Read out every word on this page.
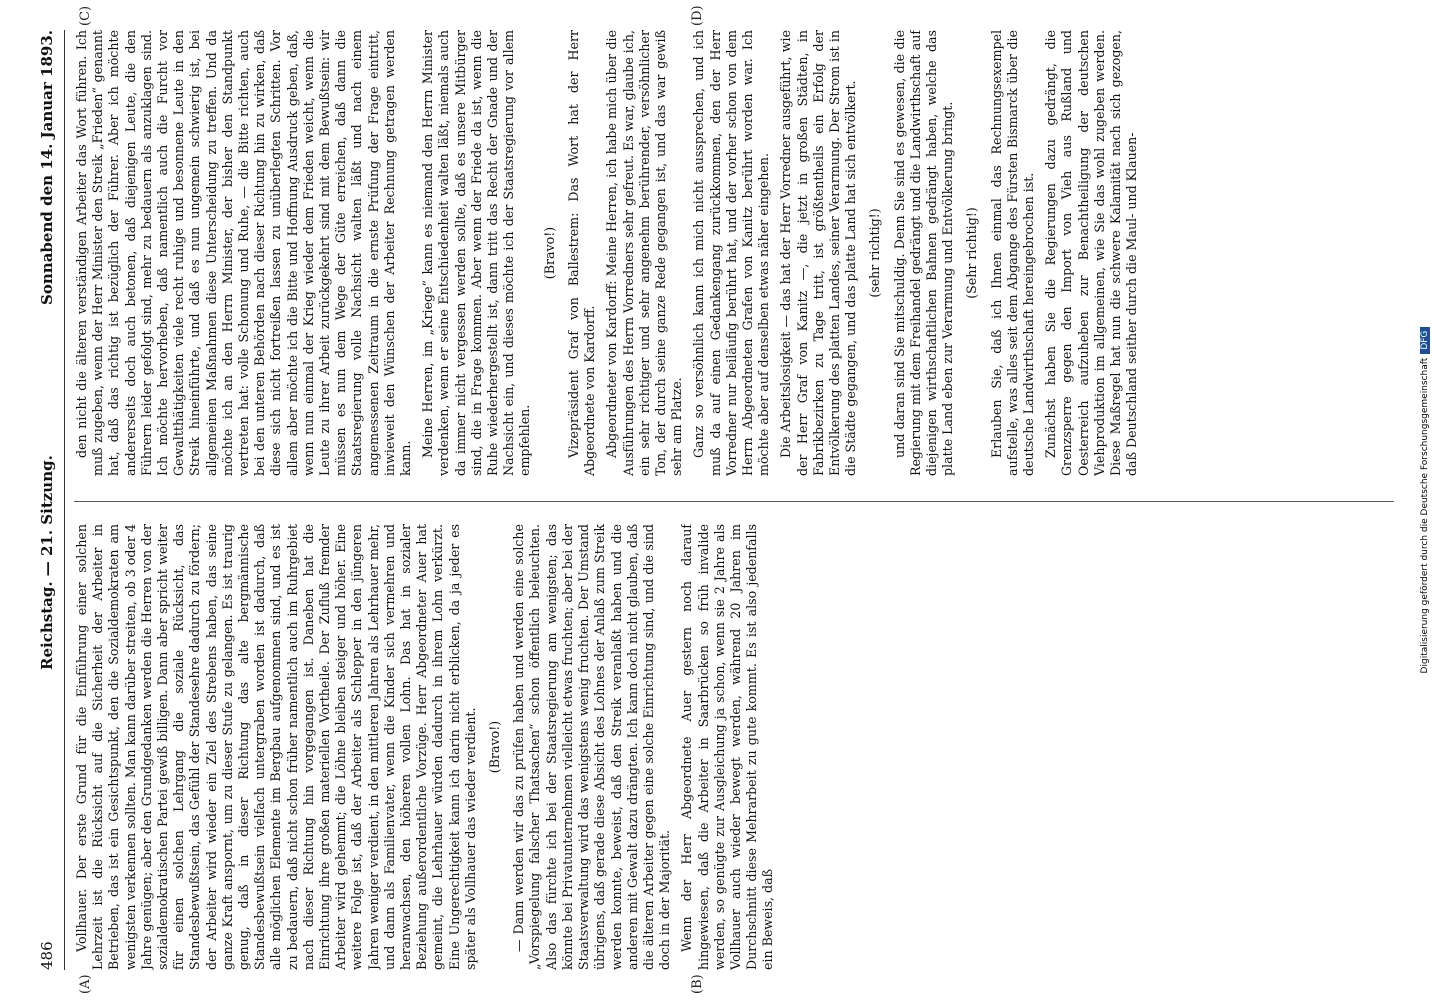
486
Reichstag. — 21. Sitzung.
Sonnabend den 14. Januar 1893.
(A)	(B)
(C)	(D)

Vollhauer. Der erste Grund für die Einführung einer solchen Lehrzeit ist die Rücksicht auf die Sicherheit der Arbeiter in Betrieben, das ist ein Gesichtspunkt, den die Sozialdemokraten am wenigsten verkennen sollten. Man kann darüber streiten, ob 3 oder 4 Jahre genügen; aber den Grundgedanken werden die Herren von der sozialdemokratischen Partei gewiß billigen. Dann aber spricht weiter für einen solchen Lehrgang die soziale Rücksicht, das Standesbewußtsein, das Gefühl der Standesehre dadurch zu fördern; der Arbeiter wird wieder ein Ziel des Strebens haben, das seine ganze Kraft anspornt, um zu dieser Stufe zu gelangen. Es ist traurig genug, daß in dieser Richtung das alte bergmännische Standesbewußtsein vielfach untergraben worden ist dadurch, daß alle möglichen Elemente im Bergbau aufgenommen sind, und es ist zu bedauern, daß nicht schon früher namentlich auch im Ruhrgebiet nach dieser Richtung hin vorgegangen ist. Daneben hat die Einrichtung ihre großen materiellen Vortheile. Der Zufluß fremder Arbeiter wird gehemmt; die Löhne bleiben steiger und höher. Eine weitere Folge ist, daß der Arbeiter als Schlepper in den jüngeren Jahren weniger verdient, in den mittleren Jahren als Lehrhauer mehr, und dann als Familienvater, wenn die Kinder sich vermehren und heranwachsen, den höheren vollen Lohn. Das hat in sozialer Beziehung außerordentliche Vorzüge. Herr Abgeordneter Auer hat gemeint, die Lehrhauer würden dadurch in ihrem Lohn verkürzt. Eine Ungerechtigkeit kann ich darin nicht erblicken, da ja jeder es später als Vollhauer das wieder verdient. (Bravo!) — Dann werden wir das zu prüfen haben und werden eine solche „Vorspiegelung falscher Thatsachen“ schon öffentlich beleuchten. Also das fürchte ich bei der Staatsregierung am wenigsten; das könnte bei Privatunternehmen vielleicht etwas fruchten; aber bei der Staatsverwaltung wird das wenigstens wenig fruchten. Der Umstand übrigens, daß gerade diese Absicht des Lohnes der Anlaß zum Streik werden konnte, beweist, daß den Streik veranlaßt haben und die anderen mit Gewalt dazu drängten. Ich kann doch nicht glauben, daß die älteren Arbeiter gegen eine solche Einrichtung sind, und die sind doch in der Majorität. Wenn der Herr Abgeordnete Auer gestern noch darauf hingewiesen, daß die Arbeiter in Saarbrücken so früh invalide werden, so genügte zur Ausgleichung ja schon, wenn sie 2 Jahre als Vollhauer auch wieder bewegt werden, während 20 Jahren im Durchschnitt diese Mehrarbeit zu gute kommt. Es ist also jedenfalls ein Beweis, daß

den nicht die älteren verständigen Arbeiter das Wort führen. Ich muß zugeben, wenn der Herr Minister den Streik „Frieden“ genannt hat, daß das richtig ist bezüglich der Führer. Aber ich möchte andererseits doch auch betonen, daß diejenigen Leute, die den Führern leider gefolgt sind, mehr zu bedauern als anzuklagen sind. Ich möchte hervorheben, daß namentlich auch die Furcht vor Gewaltthätigkeiten viele recht ruhige und besonnene Leute in den Streik hineinführte, und daß es nun ungemein schwierig ist, bei allgemeinen Maßnahmen diese Unterscheidung zu treffen. Und da möchte ich an den Herrn Minister, der bisher den Standpunkt vertreten hat: volle Schonung und Ruhe, — die Bitte richten, auch bei den unteren Behörden nach dieser Richtung hin zu wirken, daß diese sich nicht fortreißen lassen zu unüberlegten Schritten. Vor allem aber möchte ich die Bitte und Hoffnung Ausdruck geben, daß, wenn nun einmal der Krieg wieder dem Frieden weicht, wenn die Leute zu ihrer Arbeit zurückgekehrt sind mit dem Bewußtsein: wir müssen es nun dem Wege der Güte erreichen, daß dann die Staatsregierung volle Nachsicht walten läßt und nach einem angemessenen Zeitraum in die ernste Prüfung der Frage eintritt, inwieweit den Wünschen der Arbeiter Rechnung getragen werden kann.

Meine Herren, im „Kriege“ kann es niemand den Herrn Minister verdenken, wenn er seine Entschiedenheit walten läßt, niemals auch da immer nicht vergessen werden sollte, daß es unsere Mitbürger sind, die in Frage kommen. Aber wenn der Friede da ist, wenn die Ruhe wiederhergestellt ist, dann tritt das Recht der Gnade und der Nachsicht ein, und dieses möchte ich der Staatsregierung vor allem empfehlen.

(Bravo!) Vizepräsident Graf von Ballestrem: Das Wort hat der Herr Abgeordnete von Kardorff. Abgeordneter von Kardorff: Meine Herren, ich habe mich über die Ausführungen des Herrn Vorredners sehr gefreut. Es war, glaube ich, ein sehr richtiger und sehr angenehm berührender, versöhnlicher Ton, der durch seine ganze Rede gegangen ist, und das war gewiß sehr am Platze. Ganz so versöhnlich kann ich mich nicht aussprechen, und ich muß da auf einen Gedankengang zurückkommen, den der Herr Vorredner nur beiläufig berührt hat, und der vorher schon von dem Herrn Abgeordneten Grafen von Kanitz berührt worden war. Ich möchte aber auf denselben etwas näher eingehen. Die Arbeitslosigkeit — das hat der Herr Vorredner ausgeführt, wie der Herr Graf von Kanitz —, die jetzt in großen Städten, in Fabrikbezirken zu Tage tritt, ist größtentheils ein Erfolg der Entvölkerung des platten Landes, seiner Verarmung. Der Strom ist in die Städte gegangen, und das platte Land hat sich entvölkert. (sehr richtig!) und daran sind Sie mitschuldig. Denn Sie sind es gewesen, die die Regierung mit dem Freihandel gedrängt und die Landwirthschaft auf diejenigen wirthschaftlichen Bahnen gedrängt haben, welche das platte Land eben zur Verarmung und Entvölkerung bringt. (Sehr richtig!) Erlauben Sie, daß ich Ihnen einmal das Rechnungsexempel aufstelle, was alles seit dem Abgange des Fürsten Bismarck über die deutsche Landwirthschaft hereingebrochen ist. Zunächst haben Sie die Regierungen dazu gedrängt, die Grenzsperre gegen den Import von Vieh aus Rußland und Oesterreich aufzuheben zur Benachtheiligung der deutschen Viehproduktion im allgemeinen, wie Sie das wohl zugeben werden. Diese Maßregel hat nun die schwere Kalamität nach sich gezogen, daß Deutschland seither durch die Maul- und Klauen-

Digitalisierung gefördert durch die Deutsche ForschungsgemeinschaftDFG
